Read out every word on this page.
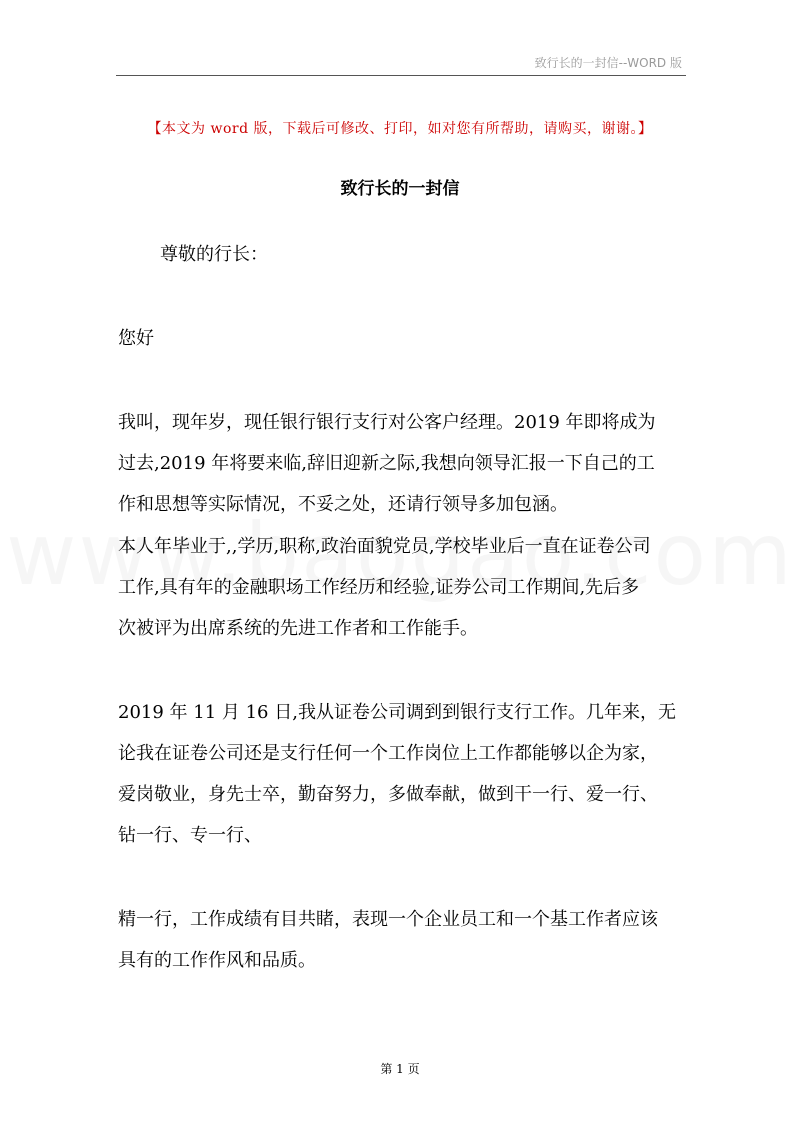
致行长的一封信--WORD 版
【本文为 word 版，下载后可修改、打印，如对您有所帮助，请购买，谢谢。】
致行长的一封信
尊敬的行长：
您好
我叫，现年岁，现任银行银行支行对公客户经理。2019 年即将成为
过去,2019 年将要来临,辞旧迎新之际,我想向领导汇报一下自己的工
作和思想等实际情况，不妥之处，还请行领导多加包涵。
本人年毕业于,,学历,职称,政治面貌党员,学校毕业后一直在证卷公司
工作,具有年的金融职场工作经历和经验,证券公司工作期间,先后多
次被评为出席系统的先进工作者和工作能手。
2019 年 11 月 16 日,我从证卷公司调到到银行支行工作。几年来，无
论我在证卷公司还是支行任何一个工作岗位上工作都能够以企为家，
爱岗敬业，身先士卒，勤奋努力，多做奉献，做到干一行、爱一行、
钻一行、专一行、
精一行，工作成绩有目共睹，表现一个企业员工和一个基工作者应该
具有的工作作风和品质。
第 1 页
